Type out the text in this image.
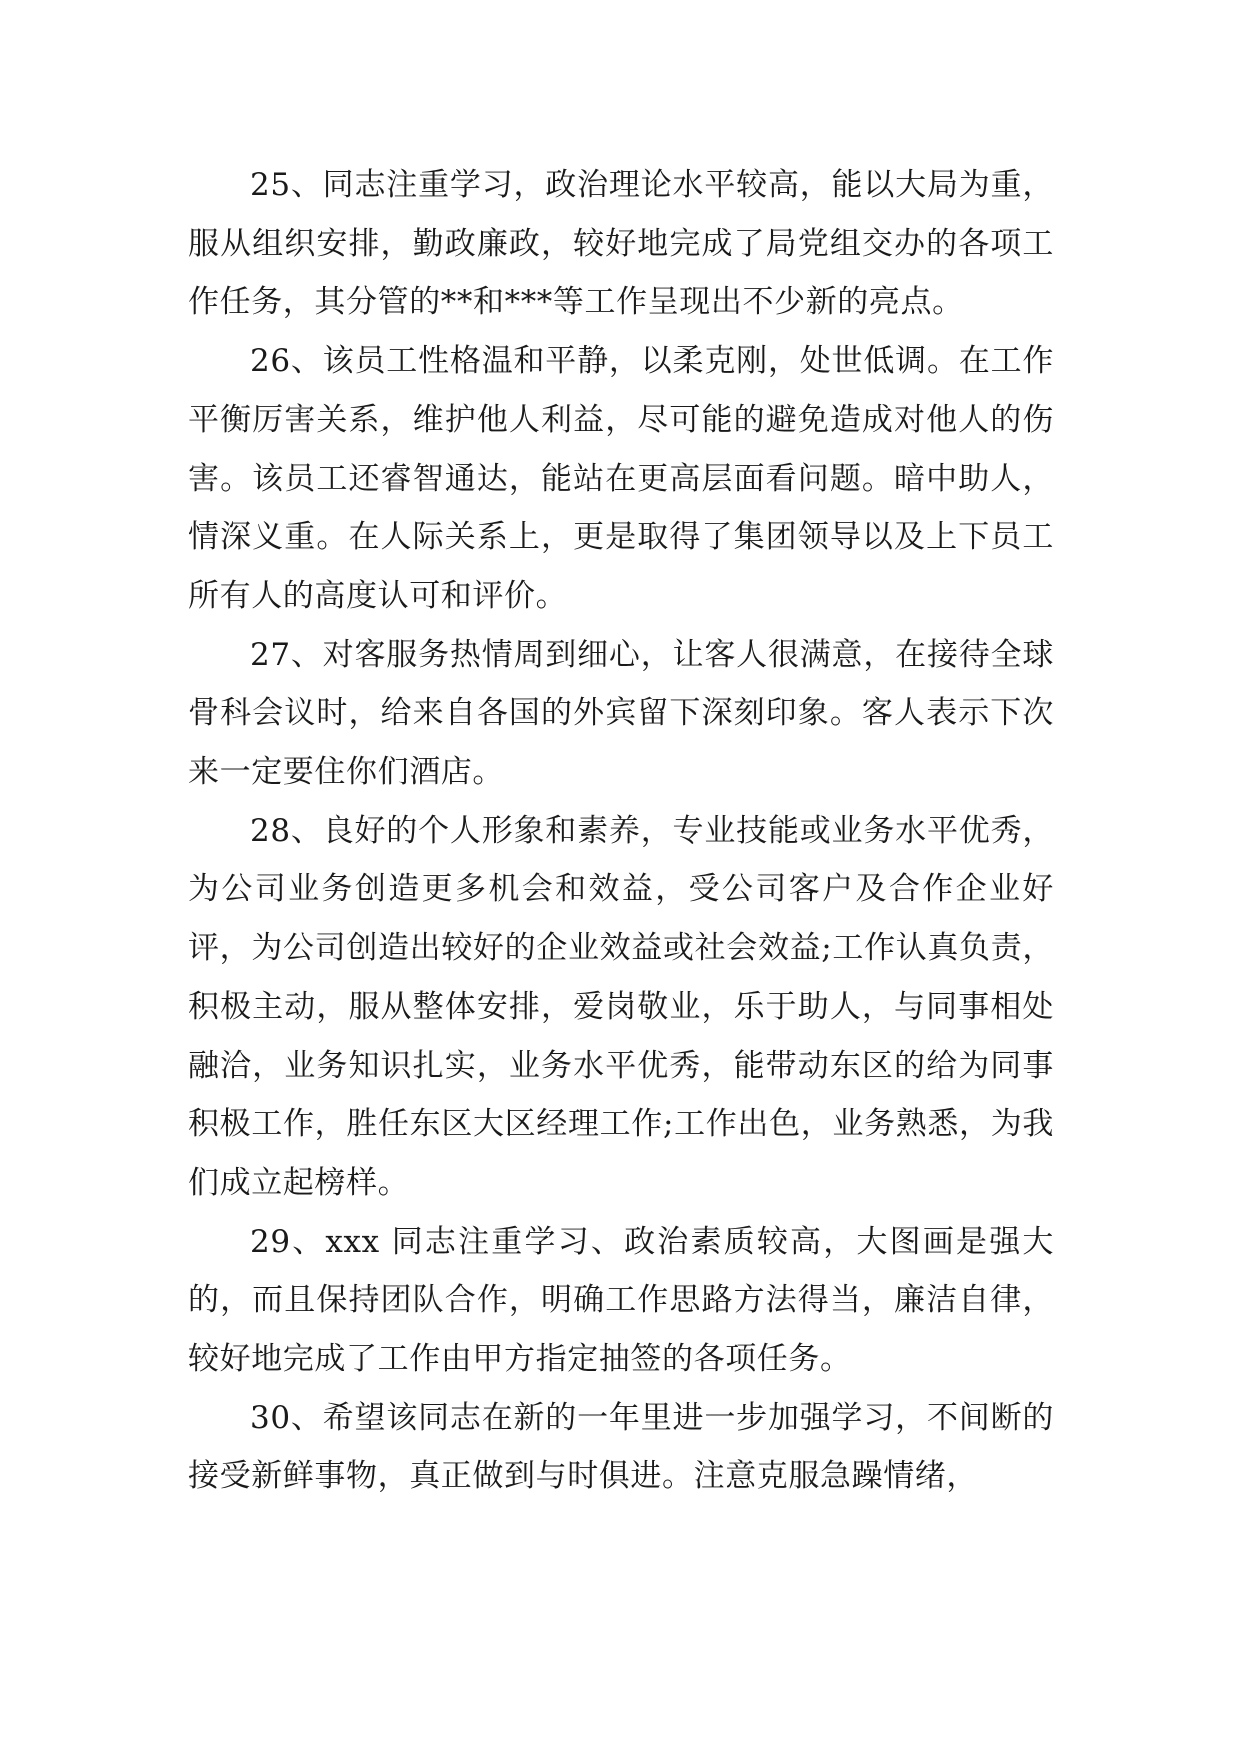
25、同志注重学习，政治理论水平较高，能以大局为重，服从组织安排，勤政廉政，较好地完成了局党组交办的各项工作任务，其分管的**和***等工作呈现出不少新的亮点。

26、该员工性格温和平静，以柔克刚，处世低调。在工作平衡厉害关系，维护他人利益，尽可能的避免造成对他人的伤害。该员工还睿智通达，能站在更高层面看问题。暗中助人，情深义重。在人际关系上，更是取得了集团领导以及上下员工所有人的高度认可和评价。

27、对客服务热情周到细心，让客人很满意，在接待全球骨科会议时，给来自各国的外宾留下深刻印象。客人表示下次来一定要住你们酒店。

28、良好的个人形象和素养，专业技能或业务水平优秀，为公司业务创造更多机会和效益，受公司客户及合作企业好评，为公司创造出较好的企业效益或社会效益;工作认真负责，积极主动，服从整体安排，爱岗敬业，乐于助人，与同事相处融洽，业务知识扎实，业务水平优秀，能带动东区的给为同事积极工作，胜任东区大区经理工作;工作出色，业务熟悉，为我们成立起榜样。

29、xxx 同志注重学习、政治素质较高，大图画是强大的，而且保持团队合作，明确工作思路方法得当，廉洁自律，较好地完成了工作由甲方指定抽签的各项任务。

30、希望该同志在新的一年里进一步加强学习，不间断的接受新鲜事物，真正做到与时俱进。注意克服急躁情绪，
